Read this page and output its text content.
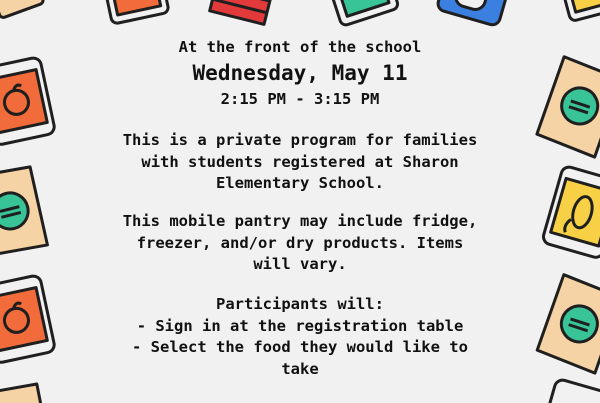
At the front of the school
Wednesday, May 11
2:15 PM - 3:15 PM
This is a private program for families
with students registered at Sharon
Elementary School.
This mobile pantry may include fridge,
freezer, and/or dry products. Items
will vary.
Participants will:
- Sign in at the registration table
- Select the food they would like to
take
